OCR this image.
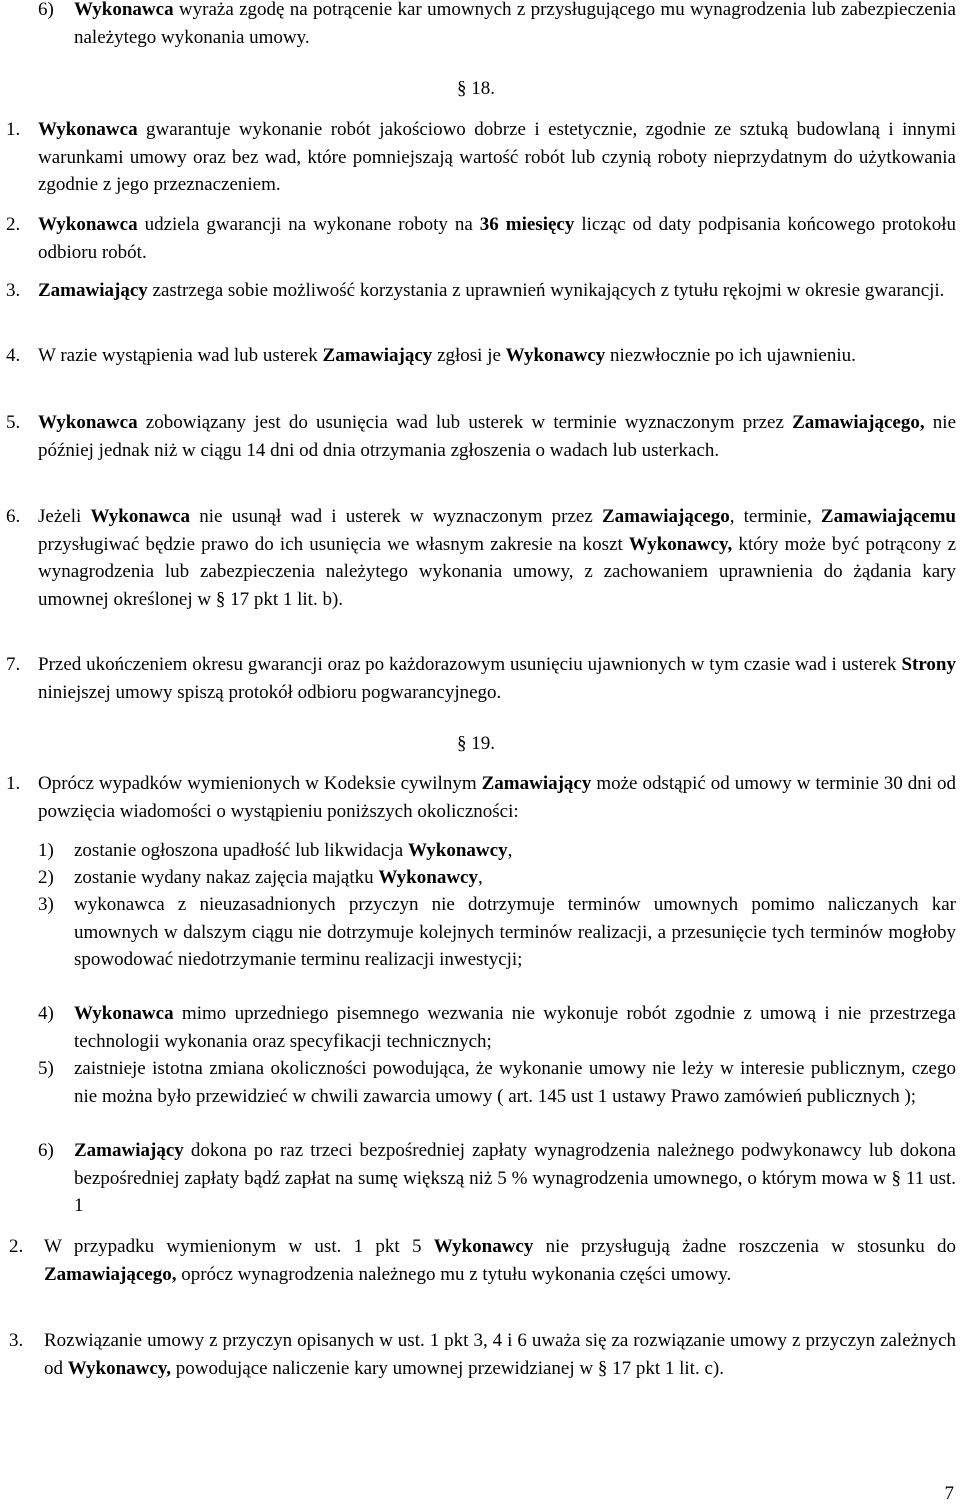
6) Wykonawca wyraża zgodę na potrącenie kar umownych z przysługującego mu wynagrodzenia lub zabezpieczenia należytego wykonania umowy.
§ 18.
1. Wykonawca gwarantuje wykonanie robót jakościowo dobrze i estetycznie, zgodnie ze sztuką budowlaną i innymi warunkami umowy oraz bez wad, które pomniejszają wartość robót lub czynią roboty nieprzydatnym do użytkowania zgodnie z jego przeznaczeniem.
2. Wykonawca udziela gwarancji na wykonane roboty na 36 miesięcy licząc od daty podpisania końcowego protokołu odbioru robót.
3. Zamawiający zastrzega sobie możliwość korzystania z uprawnień wynikających z tytułu rękojmi w okresie gwarancji.
4. W razie wystąpienia wad lub usterek Zamawiający zgłosi je Wykonawcy niezwłocznie po ich ujawnieniu.
5. Wykonawca zobowiązany jest do usunięcia wad lub usterek w terminie wyznaczonym przez Zamawiającego, nie później jednak niż w ciągu 14 dni od dnia otrzymania zgłoszenia o wadach lub usterkach.
6. Jeżeli Wykonawca nie usunął wad i usterek w wyznaczonym przez Zamawiającego, terminie, Zamawiającemu przysługiwać będzie prawo do ich usunięcia we własnym zakresie na koszt Wykonawcy, który może być potrącony z wynagrodzenia lub zabezpieczenia należytego wykonania umowy, z zachowaniem uprawnienia do żądania kary umownej określonej w § 17 pkt 1 lit. b).
7. Przed ukończeniem okresu gwarancji oraz po każdorazowym usunięciu ujawnionych w tym czasie wad i usterek Strony niniejszej umowy spiszą protokół odbioru pogwarancyjnego.
§ 19.
1. Oprócz wypadków wymienionych w Kodeksie cywilnym Zamawiający może odstąpić od umowy w terminie 30 dni od powzięcia wiadomości o wystąpieniu poniższych okoliczności:
1) zostanie ogłoszona upadłość lub likwidacja Wykonawcy,
2) zostanie wydany nakaz zajęcia majątku Wykonawcy,
3) wykonawca z nieuzasadnionych przyczyn nie dotrzymuje terminów umownych pomimo naliczanych kar umownych w dalszym ciągu nie dotrzymuje kolejnych terminów realizacji, a przesunięcie tych terminów mogłoby spowodować niedotrzymanie terminu realizacji inwestycji;
4) Wykonawca mimo uprzedniego pisemnego wezwania nie wykonuje robót zgodnie z umową i nie przestrzega technologii wykonania oraz specyfikacji technicznych;
5) zaistnieje istotna zmiana okoliczności powodująca, że wykonanie umowy nie leży w interesie publicznym, czego nie można było przewidzieć w chwili zawarcia umowy ( art. 145 ust 1 ustawy Prawo zamówień publicznych );
6) Zamawiający dokona po raz trzeci bezpośredniej zapłaty wynagrodzenia należnego podwykonawcy lub dokona bezpośredniej zapłaty bądź zapłat na sumę większą niż 5 % wynagrodzenia umownego, o którym mowa w § 11 ust. 1
2. W przypadku wymienionym w ust. 1 pkt 5 Wykonawcy nie przysługują żadne roszczenia w stosunku do Zamawiającego, oprócz wynagrodzenia należnego mu z tytułu wykonania części umowy.
3. Rozwiązanie umowy z przyczyn opisanych w ust. 1 pkt 3, 4 i 6 uważa się za rozwiązanie umowy z przyczyn zależnych od Wykonawcy, powodujące naliczenie kary umownej przewidzianej w § 17 pkt 1 lit. c).
7
